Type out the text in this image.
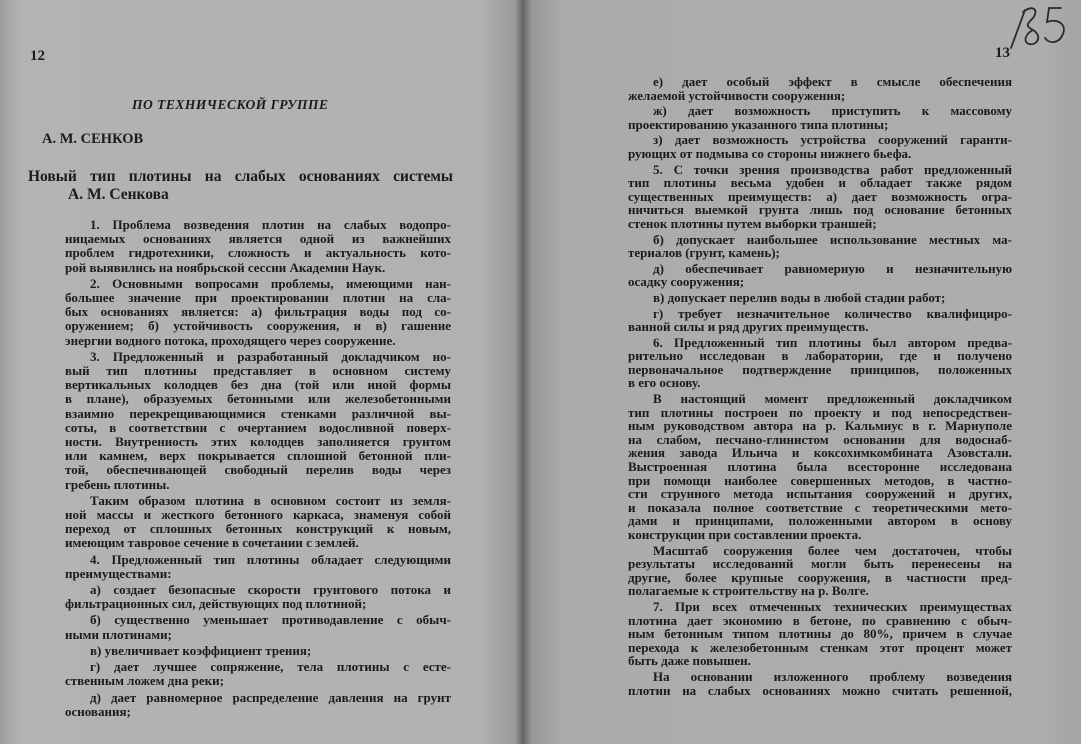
12
ПО ТЕХНИЧЕСКОЙ ГРУППЕ
А. М. СЕНКОВ
Новый тип плотины на слабых основаниях системы
А. М. Сенкова
1. Проблема возведения плотин на слабых водопро-
ницаемых основаниях является одной из важнейших
проблем гидротехники, сложность и актуальность кото-
рой выявились на ноябрьской сессии Академии Наук.
2. Основными вопросами проблемы, имеющими наи-
большее значение при проектировании плотин на сла-
бых основаниях является: а) фильтрация воды под со-
оружением; б) устойчивость сооружения, и в) гашение
энергии водного потока, проходящего через сооружение.
3. Предложенный и разработанный докладчиком но-
вый тип плотины представляет в основном систему
вертикальных колодцев без дна (той или иной формы
в плане), образуемых бетонными или железобетонными
взаимно перекрещивающимися стенками различной вы-
соты, в соответствии с очертанием водосливной поверх-
ности. Внутренность этих колодцев заполняется грунтом
или камнем, верх покрывается сплошной бетонной пли-
той, обеспечивающей свободный перелив воды через
гребень плотины.
Таким образом плотина в основном состоит из земля-
ной массы и жесткого бетонного каркаса, знаменуя собой
переход от сплошных бетонных конструкций к новым,
имеющим тавровое сечение в сочетании с землей.
4. Предложенный тип плотины обладает следующими
преимуществами:
а) создает безопасные скорости грунтового потока и
фильтрационных сил, действующих под плотиной;
б) существенно уменьшает противодавление с обыч-
ными плотинами;
в) увеличивает коэффициент трения;
г) дает лучшее сопряжение, тела плотины с есте-
ственным ложем дна реки;
д) дает равномерное распределение давления на грунт
основания;
13
е) дает особый эффект в смысле обеспечения
желаемой устойчивости сооружения;
ж) дает возможность приступить к массовому
проектированию указанного типа плотины;
з) дает возможность устройства сооружений гаранти-
рующих от подмыва со стороны нижнего бьефа.
5. С точки зрения производства работ предложенный
тип плотины весьма удобен и обладает также рядом
существенных преимуществ: а) дает возможность огра-
ничиться выемкой грунта лишь под основание бетонных
стенок плотины путем выборки траншей;
б) допускает наибольшее использование местных ма-
териалов (грунт, камень);
д) обеспечивает равномерную и незначительную
осадку сооружения;
в) допускает перелив воды в любой стадии работ;
г) требует незначительное количество квалифициро-
ванной силы и ряд других преимуществ.
6. Предложенный тип плотины был автором предва-
рительно исследован в лаборатории, где и получено
первоначальное подтверждение принципов, положенных
в его основу.
В настоящий момент предложенный докладчиком
тип плотины построен по проекту и под непосредствен-
ным руководством автора на р. Кальмиус в г. Мариуполе
на слабом, песчано-глинистом основании для водоснаб-
жения завода Ильича и коксохимкомбината Азовстали.
Выстроенная плотина была всесторонне исследована
при помощи наиболее совершенных методов, в частно-
сти струнного метода испытания сооружений и других,
и показала полное соответствие с теоретическими мето-
дами и принципами, положенными автором в основу
конструкции при составлении проекта.
Масштаб сооружения более чем достаточен, чтобы
результаты исследований могли быть перенесены на
другие, более крупные сооружения, в частности пред-
полагаемые к строительству на р. Волге.
7. При всех отмеченных технических преимуществах
плотина дает экономию в бетоне, по сравнению с обыч-
ным бетонным типом плотины до 80%, причем в случае
перехода к железобетонным стенкам этот процент может
быть даже повышен.
На основании изложенного проблему возведения
плотин на слабых основаниях можно считать решенной,
